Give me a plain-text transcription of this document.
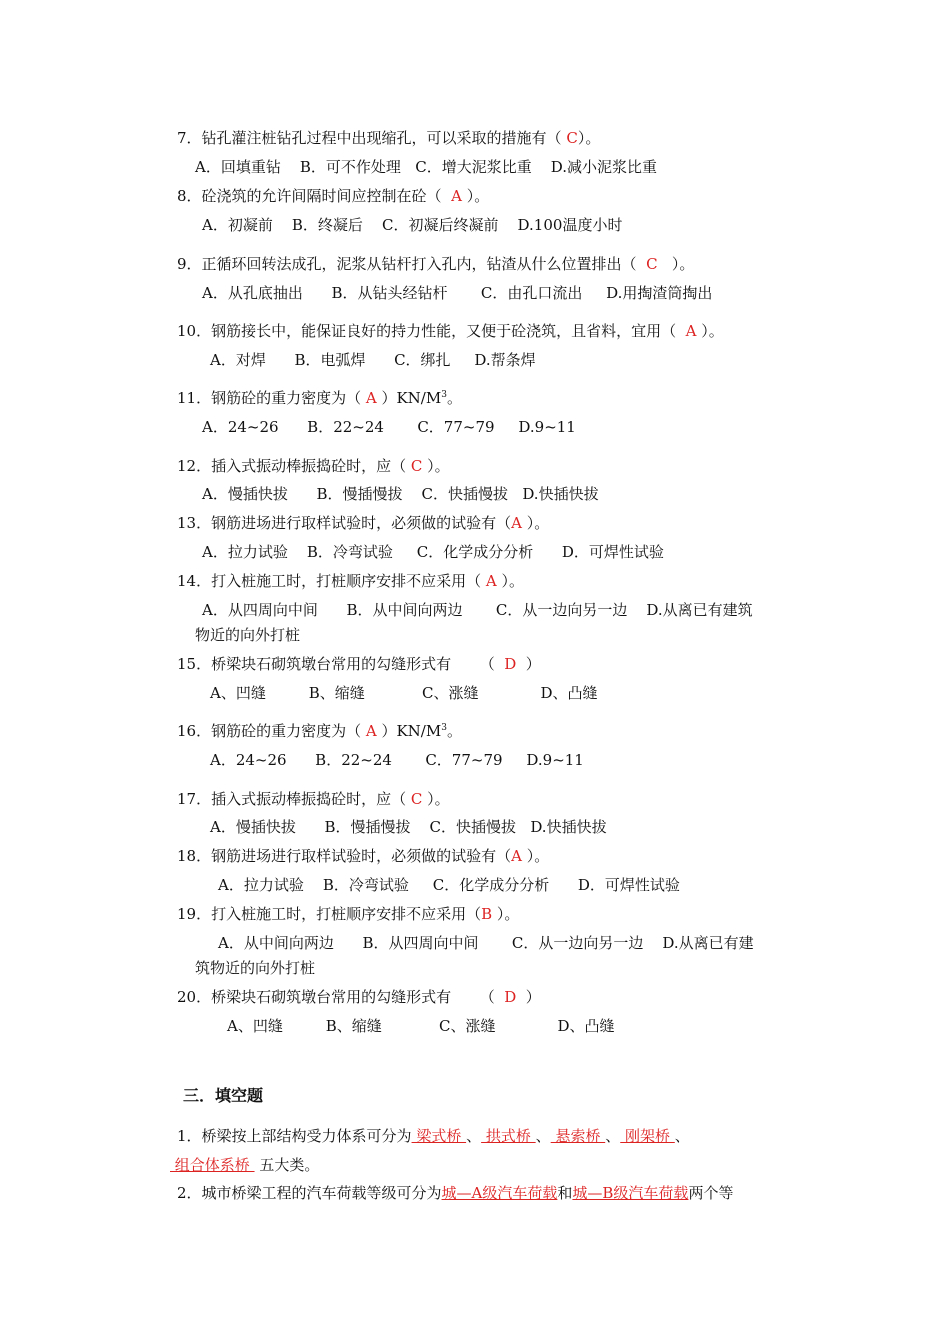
7．钻孔灌注桩钻孔过程中出现缩孔，可以采取的措施有（ C）。
A．回填重钻    B．可不作处理   C．增大泥浆比重    D.减小泥浆比重
8．砼浇筑的允许间隔时间应控制在砼（  A ）。
A．初凝前    B．终凝后    C．初凝后终凝前    D.100温度小时
9．正循环回转法成孔，泥浆从钻杆打入孔内，钻渣从什么位置排出（  C   ）。
A．从孔底抽出      B．从钻头经钻杆       C．由孔口流出     D.用掏渣筒掏出
10．钢筋接长中，能保证良好的持力性能，又便于砼浇筑，且省料，宜用（  A ）。
A．对焊      B．电弧焊      C．绑扎     D.帮条焊
11．钢筋砼的重力密度为（ A ）$KN/M^3$。
A．24~26      B．22~24       C．77~79     D.9~11
12．插入式振动棒振捣砼时，应（ C ）。
A．慢插快拔      B．慢插慢拔    C．快插慢拔   D.快插快拔
13．钢筋进场进行取样试验时，必须做的试验有（A ）。
A．拉力试验    B．冷弯试验     C．化学成分分析      D．可焊性试验
14．打入桩施工时，打桩顺序安排不应采用（ A ）。
A．从四周向中间      B．从中间向两边       C．从一边向另一边    D.从离已有建筑
物近的向外打桩
15．桥梁块石砌筑墩台常用的勾缝形式有      （  D  ）
A、凹缝         B、缩缝            C、涨缝             D、凸缝
16．钢筋砼的重力密度为（ A ）$KN/M^3$。
A．24~26      B．22~24       C．77~79     D.9~11
17．插入式振动棒振捣砼时，应（ C ）。
A．慢插快拔      B．慢插慢拔    C．快插慢拔   D.快插快拔
18．钢筋进场进行取样试验时，必须做的试验有（A ）。
A．拉力试验    B．冷弯试验     C．化学成分分析      D．可焊性试验
19．打入桩施工时，打桩顺序安排不应采用（B ）。
A．从中间向两边      B．从四周向中间       C．从一边向另一边    D.从离已有建
筑物近的向外打桩
20．桥梁块石砌筑墩台常用的勾缝形式有      （  D  ）
A、凹缝         B、缩缝            C、涨缝             D、凸缝
三．填空题
1．桥梁按上部结构受力体系可分为 梁式桥 、 拱式桥 、 悬索桥 、 刚架桥 、
组合体系桥  五大类。
2．城市桥梁工程的汽车荷载等级可分为城—A级汽车荷载和城—B级汽车荷载两个等
